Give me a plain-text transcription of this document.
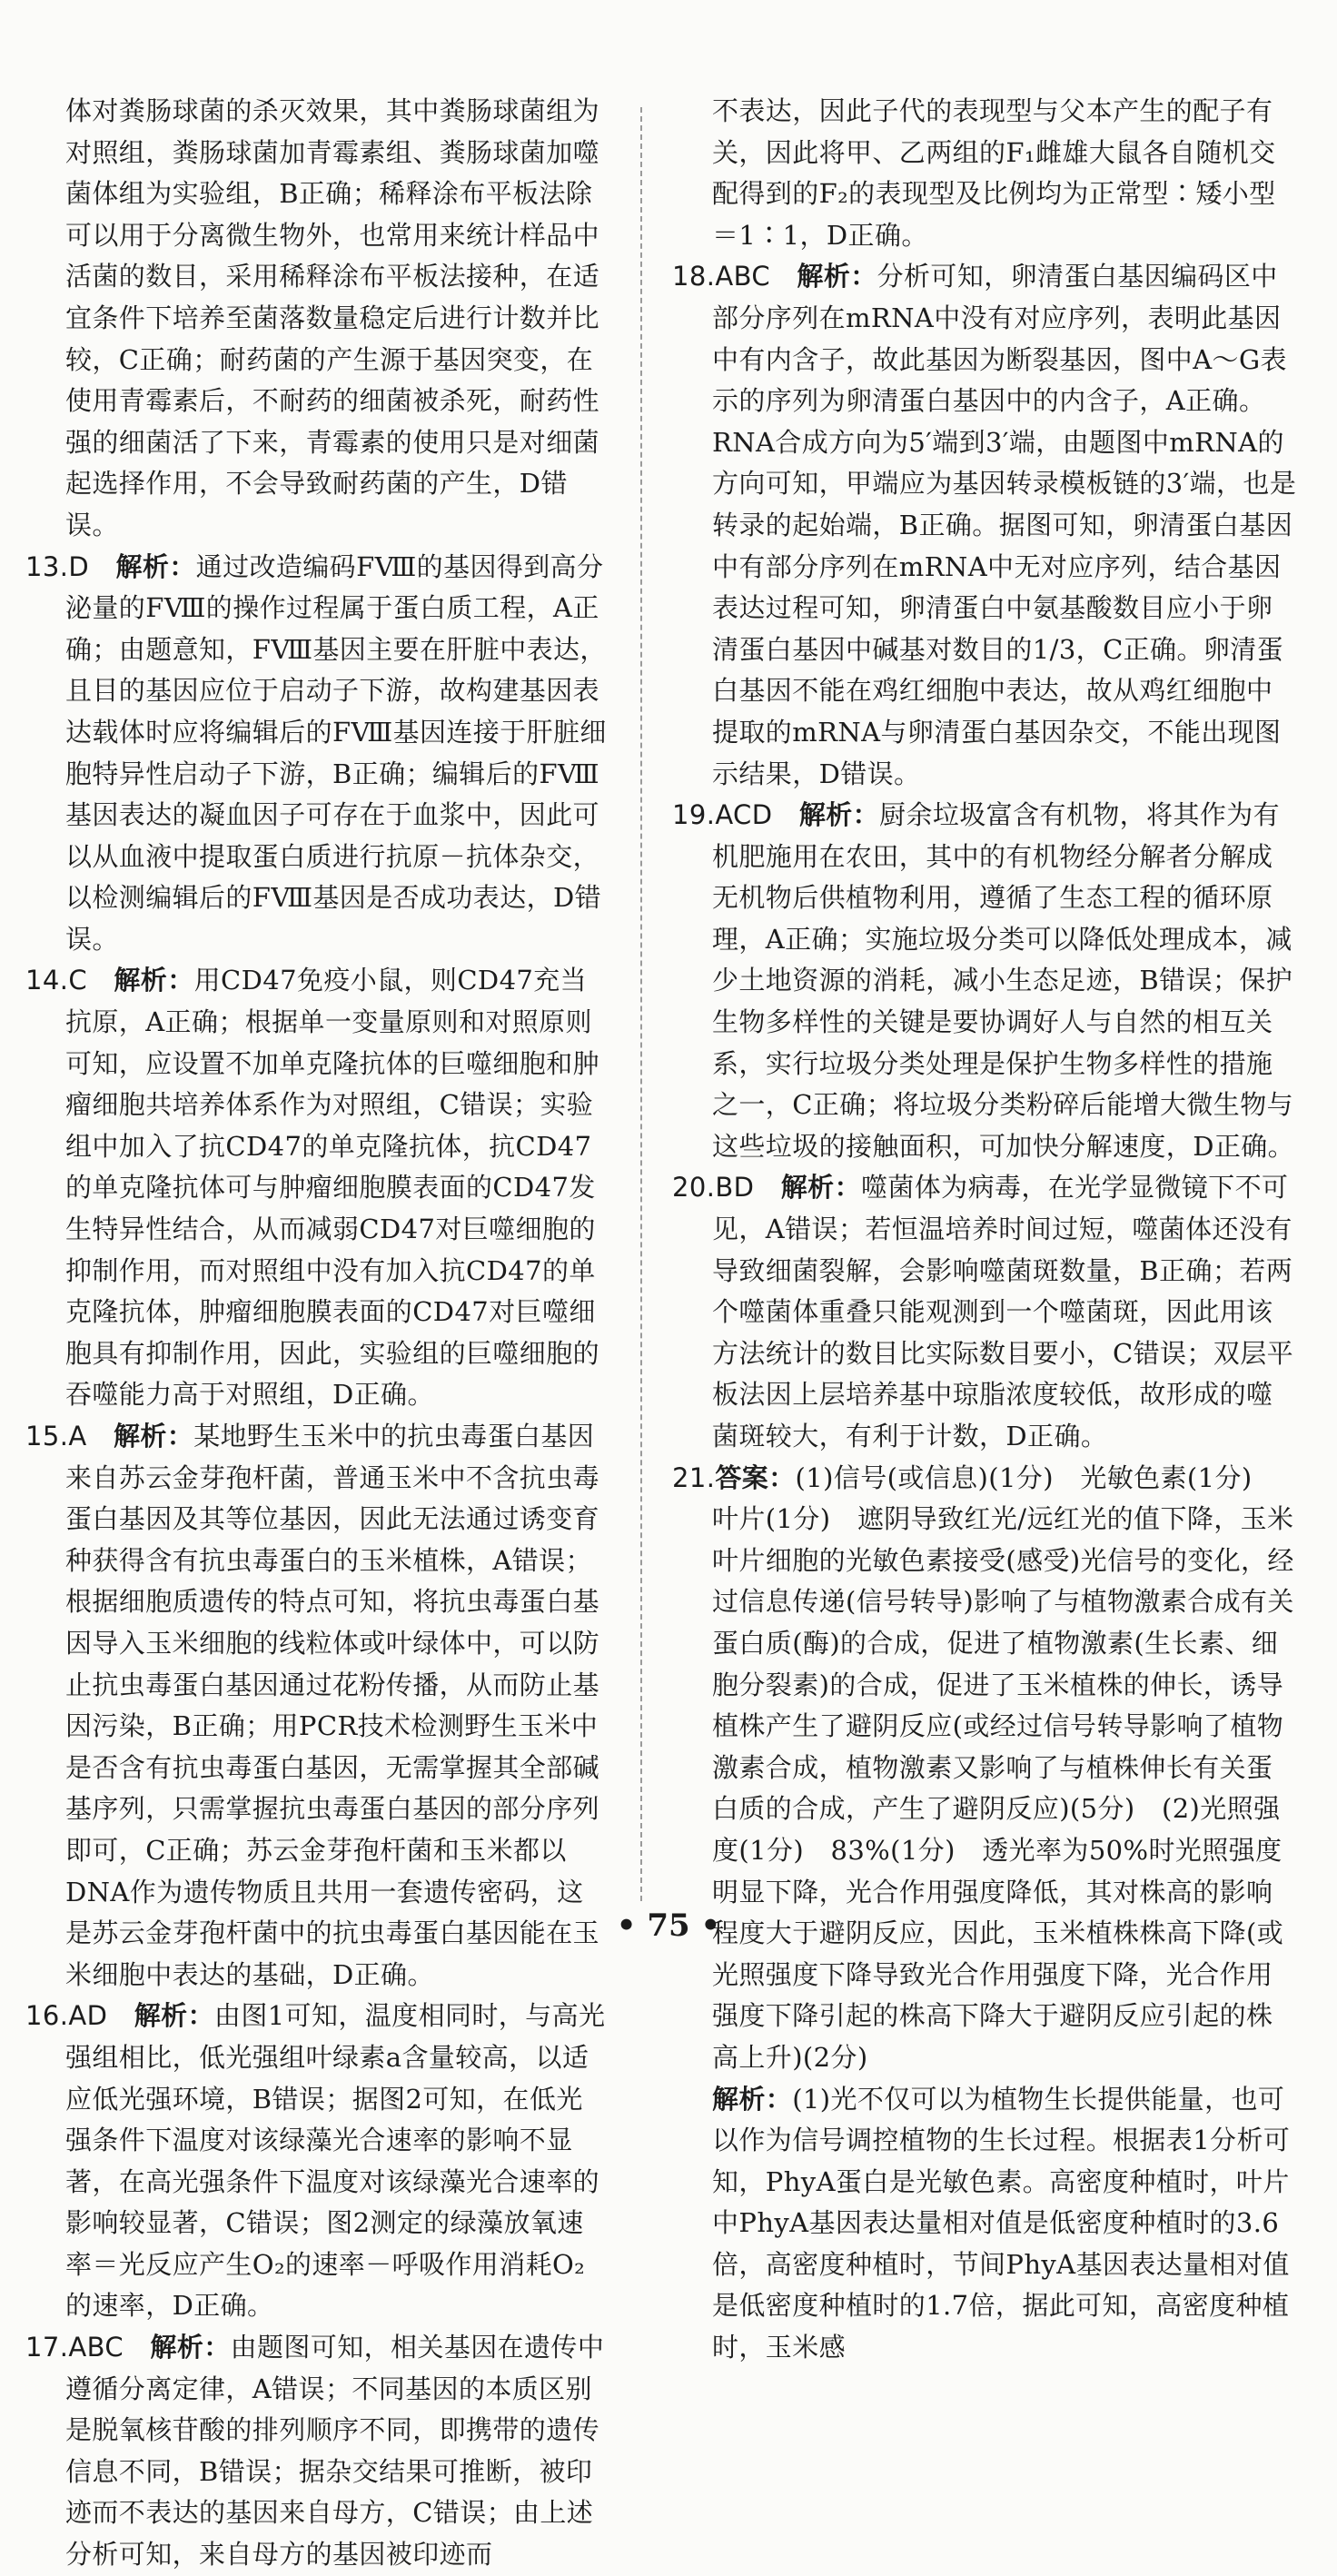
体对粪肠球菌的杀灭效果，其中粪肠球菌组为对照组，粪肠球菌加青霉素组、粪肠球菌加噬菌体组为实验组，B正确；稀释涂布平板法除可以用于分离微生物外，也常用来统计样品中活菌的数目，采用稀释涂布平板法接种，在适宜条件下培养至菌落数量稳定后进行计数并比较，C正确；耐药菌的产生源于基因突变，在使用青霉素后，不耐药的细菌被杀死，耐药性强的细菌活了下来，青霉素的使用只是对细菌起选择作用，不会导致耐药菌的产生，D错误。

13.D　 解析：通过改造编码FⅧ的基因得到高分泌量的FⅧ的操作过程属于蛋白质工程，A正确；由题意知，FⅧ基因主要在肝脏中表达，且目的基因应位于启动子下游，故构建基因表达载体时应将编辑后的FⅧ基因连接于肝脏细胞特异性启动子下游，B正确；编辑后的FⅧ基因表达的凝血因子可存在于血浆中，因此可以从血液中提取蛋白质进行抗原－抗体杂交，以检测编辑后的FⅧ基因是否成功表达，D错误。

14.C　 解析：用CD47免疫小鼠，则CD47充当抗原，A正确；根据单一变量原则和对照原则可知，应设置不加单克隆抗体的巨噬细胞和肿瘤细胞共培养体系作为对照组，C错误；实验组中加入了抗CD47的单克隆抗体，抗CD47的单克隆抗体可与肿瘤细胞膜表面的CD47发生特异性结合，从而减弱CD47对巨噬细胞的抑制作用，而对照组中没有加入抗CD47的单克隆抗体，肿瘤细胞膜表面的CD47对巨噬细胞具有抑制作用，因此，实验组的巨噬细胞的吞噬能力高于对照组，D正确。

15.A　 解析：某地野生玉米中的抗虫毒蛋白基因来自苏云金芽孢杆菌，普通玉米中不含抗虫毒蛋白基因及其等位基因，因此无法通过诱变育种获得含有抗虫毒蛋白的玉米植株，A错误；根据细胞质遗传的特点可知，将抗虫毒蛋白基因导入玉米细胞的线粒体或叶绿体中，可以防止抗虫毒蛋白基因通过花粉传播，从而防止基因污染，B正确；用PCR技术检测野生玉米中是否含有抗虫毒蛋白基因，无需掌握其全部碱基序列，只需掌握抗虫毒蛋白基因的部分序列即可，C正确；苏云金芽孢杆菌和玉米都以DNA作为遗传物质且共用一套遗传密码，这是苏云金芽孢杆菌中的抗虫毒蛋白基因能在玉米细胞中表达的基础，D正确。

16.AD　 解析：由图1可知，温度相同时，与高光强组相比，低光强组叶绿素a含量较高，以适应低光强环境，B错误；据图2可知，在低光强条件下温度对该绿藻光合速率的影响不显著，在高光强条件下温度对该绿藻光合速率的影响较显著，C错误；图2测定的绿藻放氧速率＝光反应产生O₂的速率－呼吸作用消耗O₂的速率，D正确。

17.ABC　 解析：由题图可知，相关基因在遗传中遵循分离定律，A错误；不同基因的本质区别是脱氧核苷酸的排列顺序不同，即携带的遗传信息不同，B错误；据杂交结果可推断，被印迹而不表达的基因来自母方，C错误；由上述分析可知，来自母方的基因被印迹而

不表达，因此子代的表现型与父本产生的配子有关，因此将甲、乙两组的F₁雌雄大鼠各自随机交配得到的F₂的表现型及比例均为正常型∶矮小型＝1∶1，D正确。

18.ABC　 解析：分析可知，卵清蛋白基因编码区中部分序列在mRNA中没有对应序列，表明此基因中有内含子，故此基因为断裂基因，图中A～G表示的序列为卵清蛋白基因中的内含子，A正确。RNA合成方向为5′端到3′端，由题图中mRNA的方向可知，甲端应为基因转录模板链的3′端，也是转录的起始端，B正确。据图可知，卵清蛋白基因中有部分序列在mRNA中无对应序列，结合基因表达过程可知，卵清蛋白中氨基酸数目应小于卵清蛋白基因中碱基对数目的1/3，C正确。卵清蛋白基因不能在鸡红细胞中表达，故从鸡红细胞中提取的mRNA与卵清蛋白基因杂交，不能出现图示结果，D错误。

19.ACD　 解析：厨余垃圾富含有机物，将其作为有机肥施用在农田，其中的有机物经分解者分解成无机物后供植物利用，遵循了生态工程的循环原理，A正确；实施垃圾分类可以降低处理成本，减少土地资源的消耗，减小生态足迹，B错误；保护生物多样性的关键是要协调好人与自然的相互关系，实行垃圾分类处理是保护生物多样性的措施之一，C正确；将垃圾分类粉碎后能增大微生物与这些垃圾的接触面积，可加快分解速度，D正确。

20.BD　 解析：噬菌体为病毒，在光学显微镜下不可见，A错误；若恒温培养时间过短，噬菌体还没有导致细菌裂解，会影响噬菌斑数量，B正确；若两个噬菌体重叠只能观测到一个噬菌斑，因此用该方法统计的数目比实际数目要小，C错误；双层平板法因上层培养基中琼脂浓度较低，故形成的噬菌斑较大，有利于计数，D正确。

21.答案：(1)信号(或信息)(1分)　光敏色素(1分)　叶片(1分)　遮阴导致红光/远红光的值下降，玉米叶片细胞的光敏色素接受(感受)光信号的变化，经过信息传递(信号转导)影响了与植物激素合成有关蛋白质(酶)的合成，促进了植物激素(生长素、细胞分裂素)的合成，促进了玉米植株的伸长，诱导植株产生了避阴反应(或经过信号转导影响了植物激素合成，植物激素又影响了与植株伸长有关蛋白质的合成，产生了避阴反应)(5分)　(2)光照强度(1分)　83%(1分)　透光率为50%时光照强度明显下降，光合作用强度降低，其对株高的影响程度大于避阴反应，因此，玉米植株株高下降(或光照强度下降导致光合作用强度下降，光合作用强度下降引起的株高下降大于避阴反应引起的株高上升)(2分)

解析：(1)光不仅可以为植物生长提供能量，也可以作为信号调控植物的生长过程。根据表1分析可知，PhyA蛋白是光敏色素。高密度种植时，叶片中PhyA基因表达量相对值是低密度种植时的3.6倍，高密度种植时，节间PhyA基因表达量相对值是低密度种植时的1.7倍，据此可知，高密度种植时，玉米感

• 75 •
